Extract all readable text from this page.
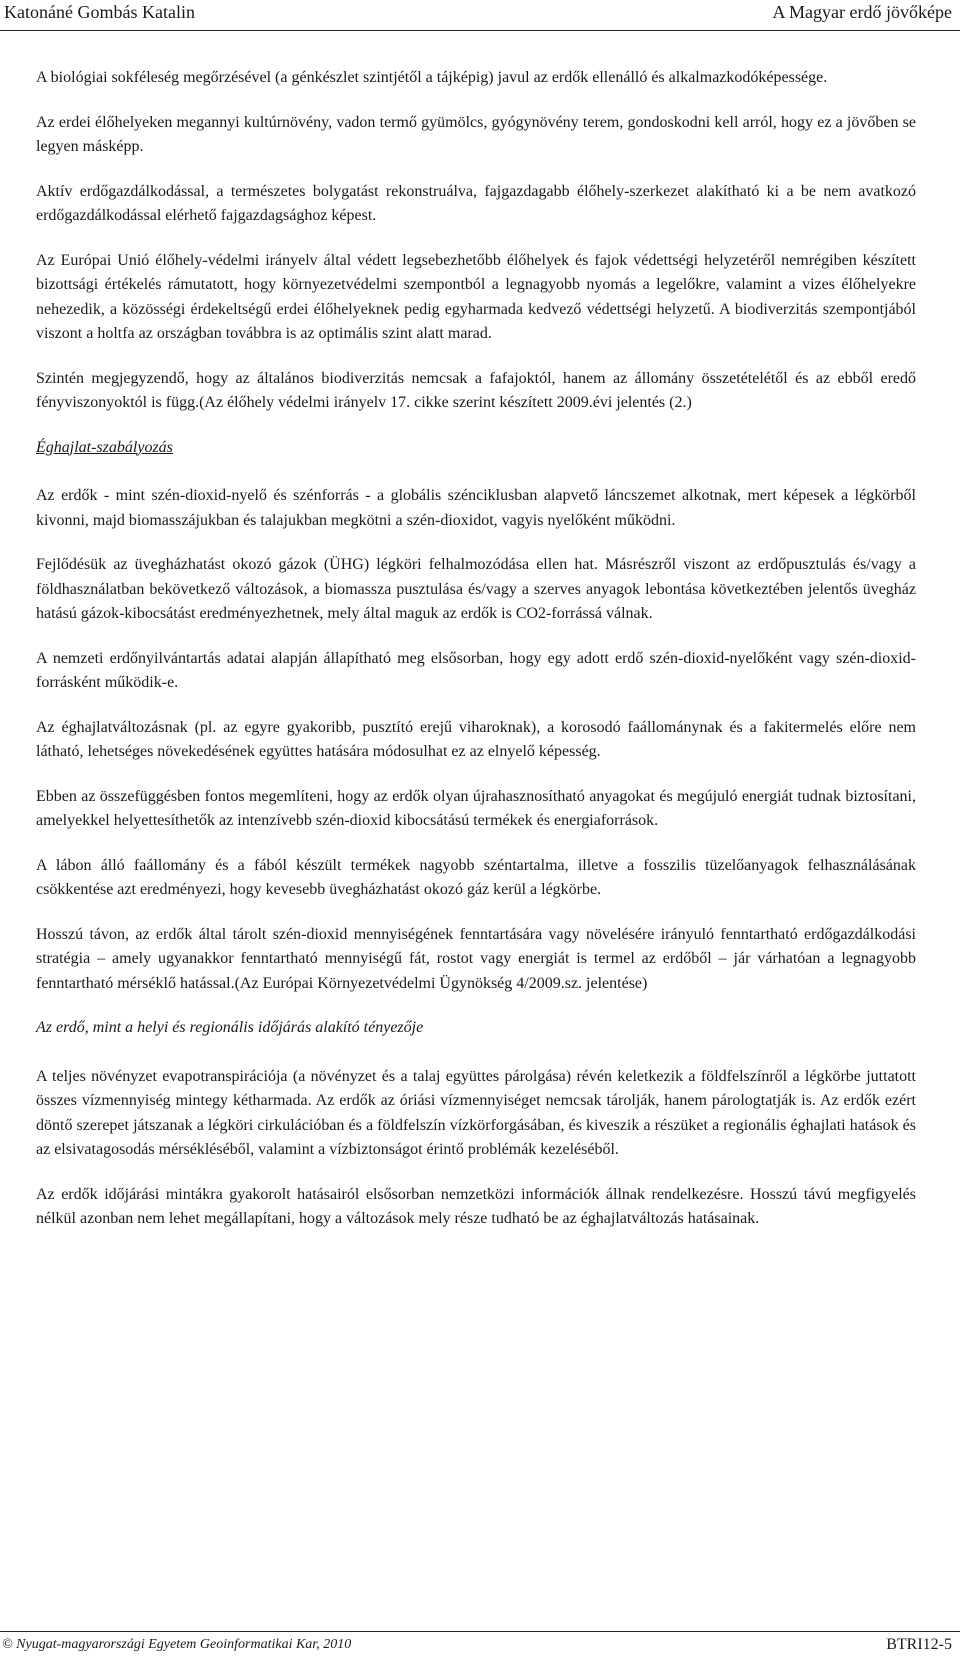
Katonáné Gombás Katalin	A Magyar erdő jövőképe

A biológiai sokféleség megőrzésével (a génkészlet szintjétől a tájképig) javul az erdők ellenálló és alkalmazkodóképessége.

Az erdei élőhelyeken megannyi kultúrnövény, vadon termő gyümölcs, gyógynövény terem, gondoskodni kell arról, hogy ez a jövőben se legyen másképp.

Aktív erdőgazdálkodással, a természetes bolygatást rekonstruálva, fajgazdagabb élőhely-szerkezet alakítható ki a be nem avatkozó erdőgazdálkodással elérhető fajgazdagsághoz képest.

Az Európai Unió élőhely-védelmi irányelv által védett legsebezhetőbb élőhelyek és fajok védettségi helyzetéről nemrégiben készített bizottsági értékelés rámutatott, hogy környezetvédelmi szempontból a legnagyobb nyomás a legelőkre, valamint a vizes élőhelyekre nehezedik, a közösségi érdekeltségű erdei élőhelyeknek pedig egyharmada kedvező védettségi helyzetű. A biodiverzitás szempontjából viszont a holtfa az országban továbbra is az optimális szint alatt marad.

Szintén megjegyzendő, hogy az általános biodiverzitás nemcsak a fafajoktól, hanem az állomány összetételétől és az ebből eredő fényviszonyoktól is függ.(Az élőhely védelmi irányelv 17. cikke szerint készített 2009.évi jelentés (2.)

Éghajlat-szabályozás

Az erdők - mint szén-dioxid-nyelő és szénforrás - a globális szénciklusban alapvető láncszemet alkotnak, mert képesek a légkörből kivonni, majd biomasszájukban és talajukban megkötni a szén-dioxidot, vagyis nyelőként működni.

Fejlődésük az üvegházhatást okozó gázok (ÜHG) légköri felhalmozódása ellen hat. Másrészről viszont az erdőpusztulás és/vagy a földhasználatban bekövetkező változások, a biomassza pusztulása és/vagy a szerves anyagok lebontása következtében jelentős üvegház hatású gázok-kibocsátást eredményezhetnek, mely által maguk az erdők is CO2-forrássá válnak.

A nemzeti erdőnyilvántartás adatai alapján állapítható meg elsősorban, hogy egy adott erdő szén-dioxid-nyelőként vagy szén-dioxid-forrásként működik-e.

Az éghajlatváltozásnak (pl. az egyre gyakoribb, pusztító erejű viharoknak), a korosodó faállománynak és a fakitermelés előre nem látható, lehetséges növekedésének együttes hatására módosulhat ez az elnyelő képesség.

Ebben az összefüggésben fontos megemlíteni, hogy az erdők olyan újrahasznosítható anyagokat és megújuló energiát tudnak biztosítani, amelyekkel helyettesíthetők az intenzívebb szén-dioxid kibocsátású termékek és energiaforrások.

A lábon álló faállomány és a fából készült termékek nagyobb széntartalma, illetve a fosszilis tüzelőanyagok felhasználásának csökkentése azt eredményezi, hogy kevesebb üvegházhatást okozó gáz kerül a légkörbe.

Hosszú távon, az erdők által tárolt szén-dioxid mennyiségének fenntartására vagy növelésére irányuló fenntartható erdőgazdálkodási stratégia – amely ugyanakkor fenntartható mennyiségű fát, rostot vagy energiát is termel az erdőből – jár várhatóan a legnagyobb fenntartható mérséklő hatással.(Az Európai Környezetvédelmi Ügynökség 4/2009.sz. jelentése)

Az erdő, mint a helyi és regionális időjárás alakító tényezője

A teljes növényzet evapotranspirációja (a növényzet és a talaj együttes párolgása) révén keletkezik a földfelszínről a légkörbe juttatott összes vízmennyiség mintegy kétharmada. Az erdők az óriási vízmennyiséget nemcsak tárolják, hanem párologtatják is. Az erdők ezért döntő szerepet játszanak a légköri cirkulációban és a földfelszín vízkörforgásában, és kiveszik a részüket a regionális éghajlati hatások és az elsivatagosodás mérsékléséből, valamint a vízbiztonságot érintő problémák kezeléséből.

Az erdők időjárási mintákra gyakorolt hatásairól elsősorban nemzetközi információk állnak rendelkezésre. Hosszú távú megfigyelés nélkül azonban nem lehet megállapítani, hogy a változások mely része tudható be az éghajlatváltozás hatásainak.

© Nyugat-magyarországi Egyetem Geoinformatikai Kar, 2010	BTRI12-5
